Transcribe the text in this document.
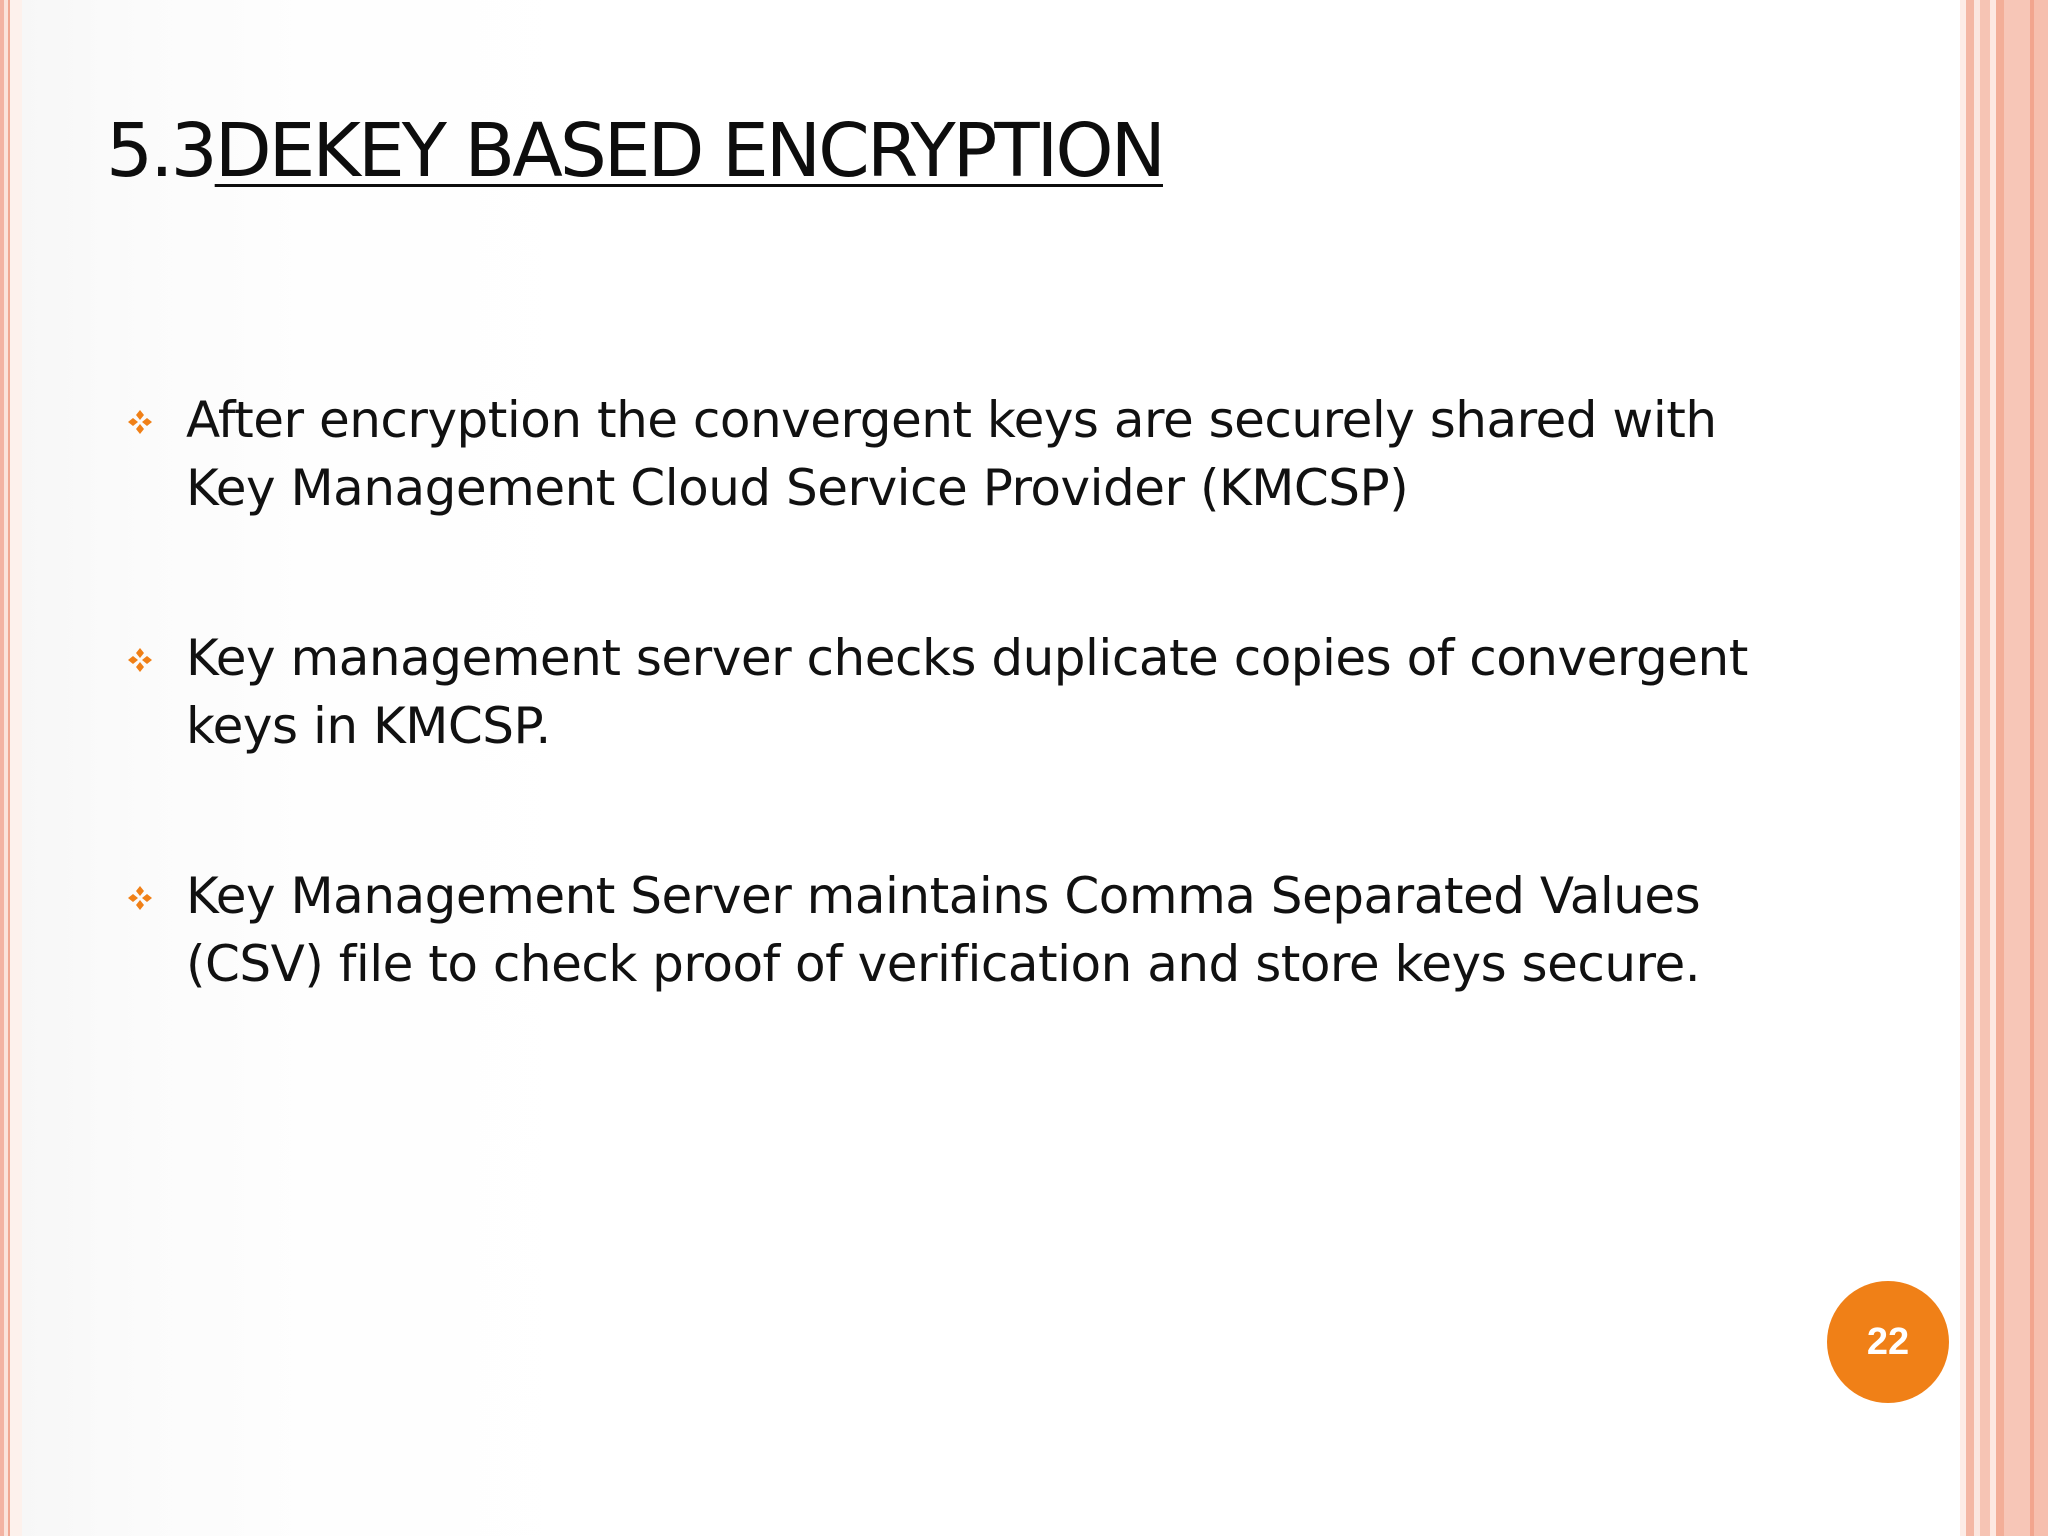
5.3DEKEY BASED ENCRYPTION
After encryption the convergent keys are securely shared with
Key Management Cloud Service Provider (KMCSP)
Key management server checks duplicate copies of convergent
keys in KMCSP.
Key Management Server maintains Comma Separated Values
(CSV) file to check proof of verification and store keys secure.
22
